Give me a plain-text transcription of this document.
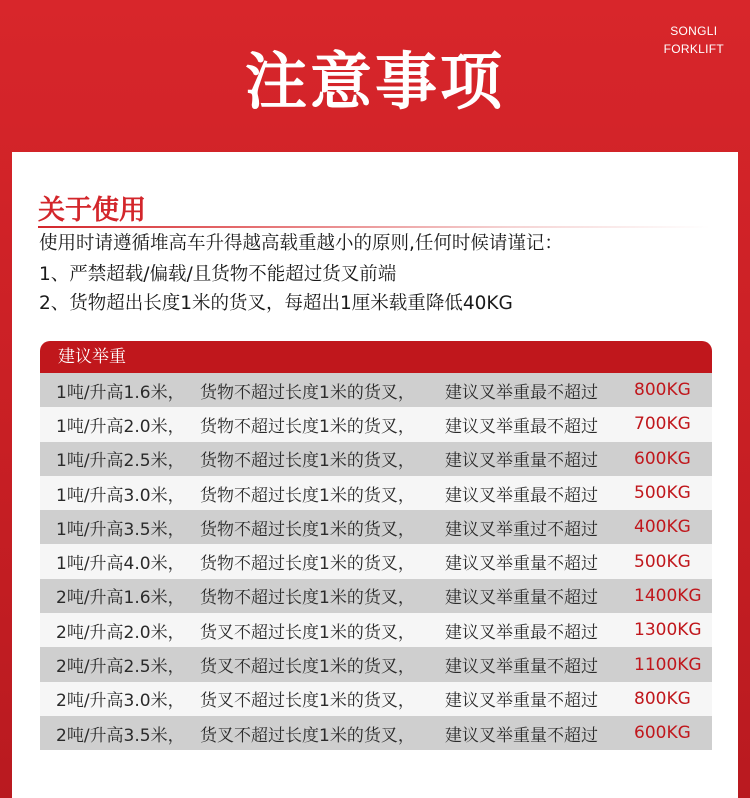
SONGLI
FORKLIFT
注意事项
关于使用
使用时请遵循堆高车升得越高载重越小的原则,任何时候请谨记：
1、严禁超载/偏载/且货物不能超过货叉前端
2、货物超出长度1米的货叉，每超出1厘米载重降低40KG
建议举重
1吨/升高1.6米， 货物不超过长度1米的货叉，	建议叉举重最不超过	800KG
1吨/升高2.0米， 货物不超过长度1米的货叉，	建议叉举重最不超过	700KG
1吨/升高2.5米， 货物不超过长度1米的货叉，	建议叉举重量不超过	600KG
1吨/升高3.0米， 货物不超过长度1米的货叉，	建议叉举重最不超过	500KG
1吨/升高3.5米， 货物不超过长度1米的货叉，	建议叉举重过不超过	400KG
1吨/升高4.0米， 货物不超过长度1米的货叉，	建议叉举重量不超过	500KG
2吨/升高1.6米， 货物不超过长度1米的货叉，	建议叉举重量不超过	1400KG
2吨/升高2.0米， 货叉不超过长度1米的货叉，	建议叉举重最不超过	1300KG
2吨/升高2.5米， 货叉不超过长度1米的货叉，	建议叉举重量不超过	1100KG
2吨/升高3.0米， 货叉不超过长度1米的货叉，	建议叉举重量不超过	800KG
2吨/升高3.5米， 货叉不超过长度1米的货叉，	建议叉举重量不超过	600KG
